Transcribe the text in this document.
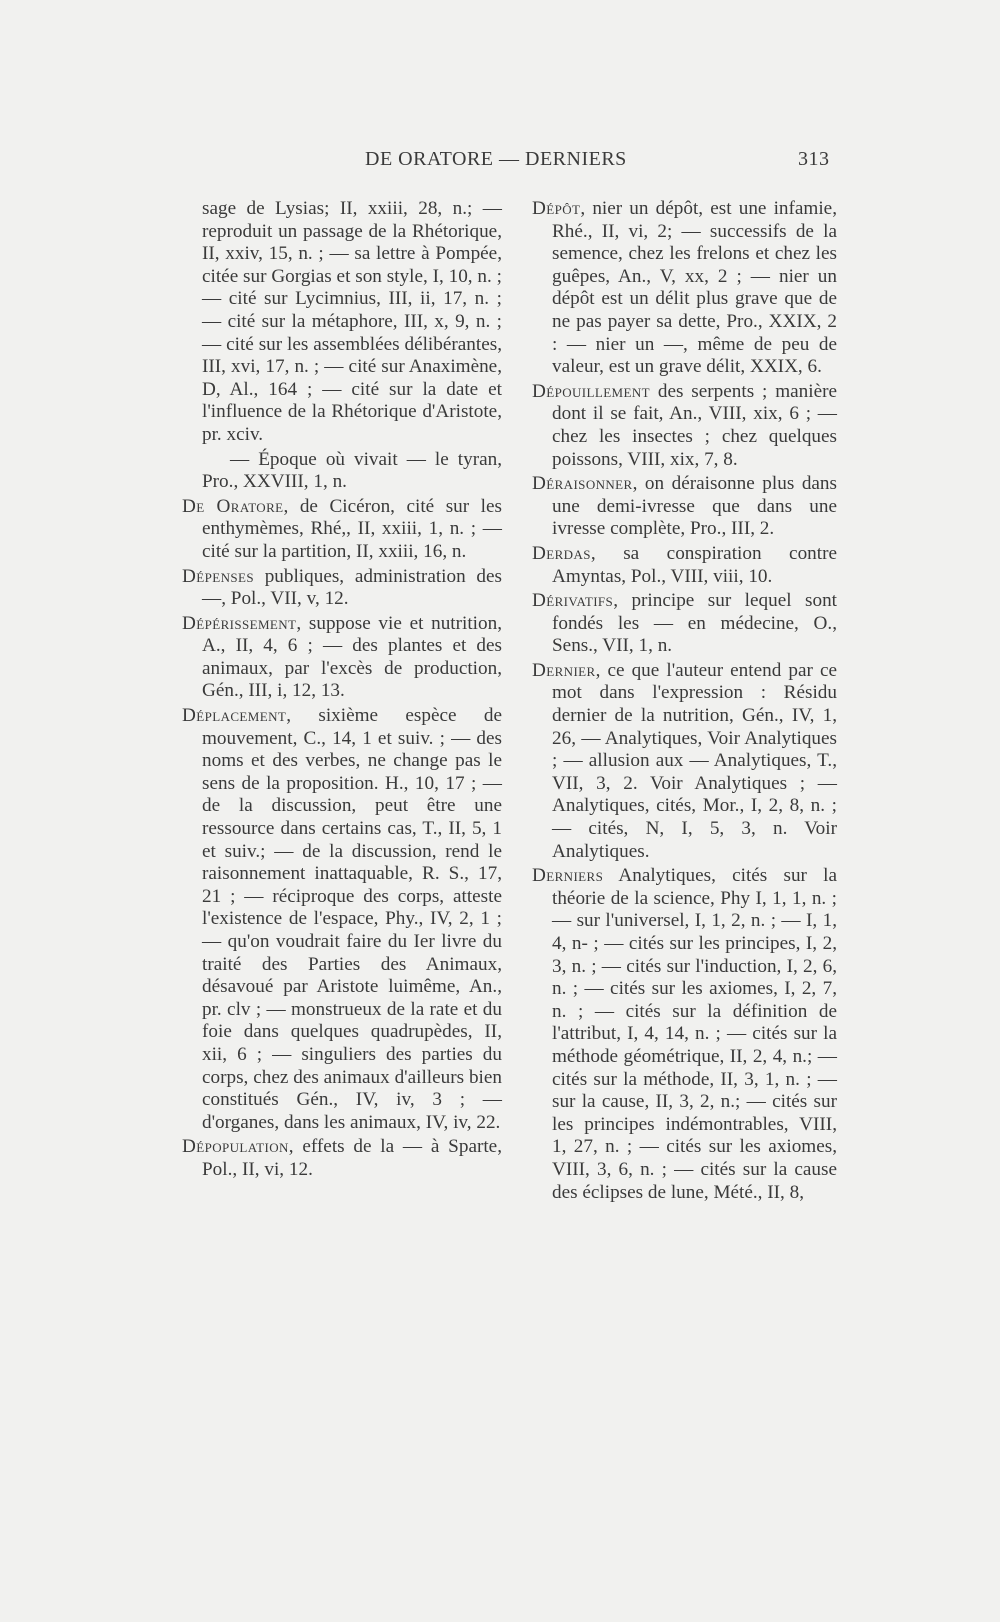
DE ORATORE — DERNIERS	313

sage de Lysias; II, xxiii, 28, n.; — reproduit un passage de la Rhétorique, II, xxiv, 15, n. ; — sa lettre à Pompée, citée sur Gorgias et son style, I, 10, n. ; — cité sur Lycimnius, III, ii, 17, n. ; — cité sur la métaphore, III, x, 9, n. ; — cité sur les assemblées délibérantes, III, xvi, 17, n. ; — cité sur Anaximène, D, Al., 164 ; — cité sur la date et l'influence de la Rhétorique d'Aristote, pr. xciv.

— Époque où vivait — le tyran, Pro., XXVIII, 1, n.

De Oratore, de Cicéron, cité sur les enthymèmes, Rhé,, II, xxiii, 1, n. ; — cité sur la partition, II, xxiii, 16, n.

Dépenses publiques, administration des —, Pol., VII, v, 12.

Dépérissement, suppose vie et nutrition, A., II, 4, 6 ; — des plantes et des animaux, par l'excès de production, Gén., III, i, 12, 13.

Déplacement, sixième espèce de mouvement, C., 14, 1 et suiv. ; — des noms et des verbes, ne change pas le sens de la proposition. H., 10, 17 ; — de la discussion, peut être une ressource dans certains cas, T., II, 5, 1 et suiv.; — de la discussion, rend le raisonnement inattaquable, R. S., 17, 21 ; — réciproque des corps, atteste l'existence de l'espace, Phy., IV, 2, 1 ; — qu'on voudrait faire du Ier livre du traité des Parties des Animaux, désavoué par Aristote luimême, An., pr. clv ; — monstrueux de la rate et du foie dans quelques quadrupèdes, II, xii, 6 ; — singuliers des parties du corps, chez des animaux d'ailleurs bien constitués Gén., IV, iv, 3 ; — d'organes, dans les animaux, IV, iv, 22.

Dépopulation, effets de la — à Sparte, Pol., II, vi, 12.

Dépôt, nier un dépôt, est une infamie, Rhé., II, vi, 2; — successifs de la semence, chez les frelons et chez les guêpes, An., V, xx, 2 ; — nier un dépôt est un délit plus grave que de ne pas payer sa dette, Pro., XXIX, 2 : — nier un —, même de peu de valeur, est un grave délit, XXIX, 6.

Dépouillement des serpents ; manière dont il se fait, An., VIII, xix, 6 ; — chez les insectes ; chez quelques poissons, VIII, xix, 7, 8.

Déraisonner, on déraisonne plus dans une demi-ivresse que dans une ivresse complète, Pro., III, 2.

Derdas, sa conspiration contre Amyntas, Pol., VIII, viii, 10.

Dérivatifs, principe sur lequel sont fondés les — en médecine, O., Sens., VII, 1, n.

Dernier, ce que l'auteur entend par ce mot dans l'expression : Résidu dernier de la nutrition, Gén., IV, 1, 26, — Analytiques, Voir Analytiques ; — allusion aux — Analytiques, T., VII, 3, 2. Voir Analytiques ; — Analytiques, cités, Mor., I, 2, 8, n. ; — cités, N, I, 5, 3, n. Voir Analytiques.

Derniers Analytiques, cités sur la théorie de la science, Phy I, 1, 1, n. ; — sur l'universel, I, 1, 2, n. ; — I, 1, 4, n- ; — cités sur les principes, I, 2, 3, n. ; — cités sur l'induction, I, 2, 6, n. ; — cités sur les axiomes, I, 2, 7, n. ; — cités sur la définition de l'attribut, I, 4, 14, n. ; — cités sur la méthode géométrique, II, 2, 4, n.; — cités sur la méthode, II, 3, 1, n. ; — sur la cause, II, 3, 2, n.; — cités sur les principes indémontrables, VIII, 1, 27, n. ; — cités sur les axiomes, VIII, 3, 6, n. ; — cités sur la cause des éclipses de lune, Mété., II, 8,
